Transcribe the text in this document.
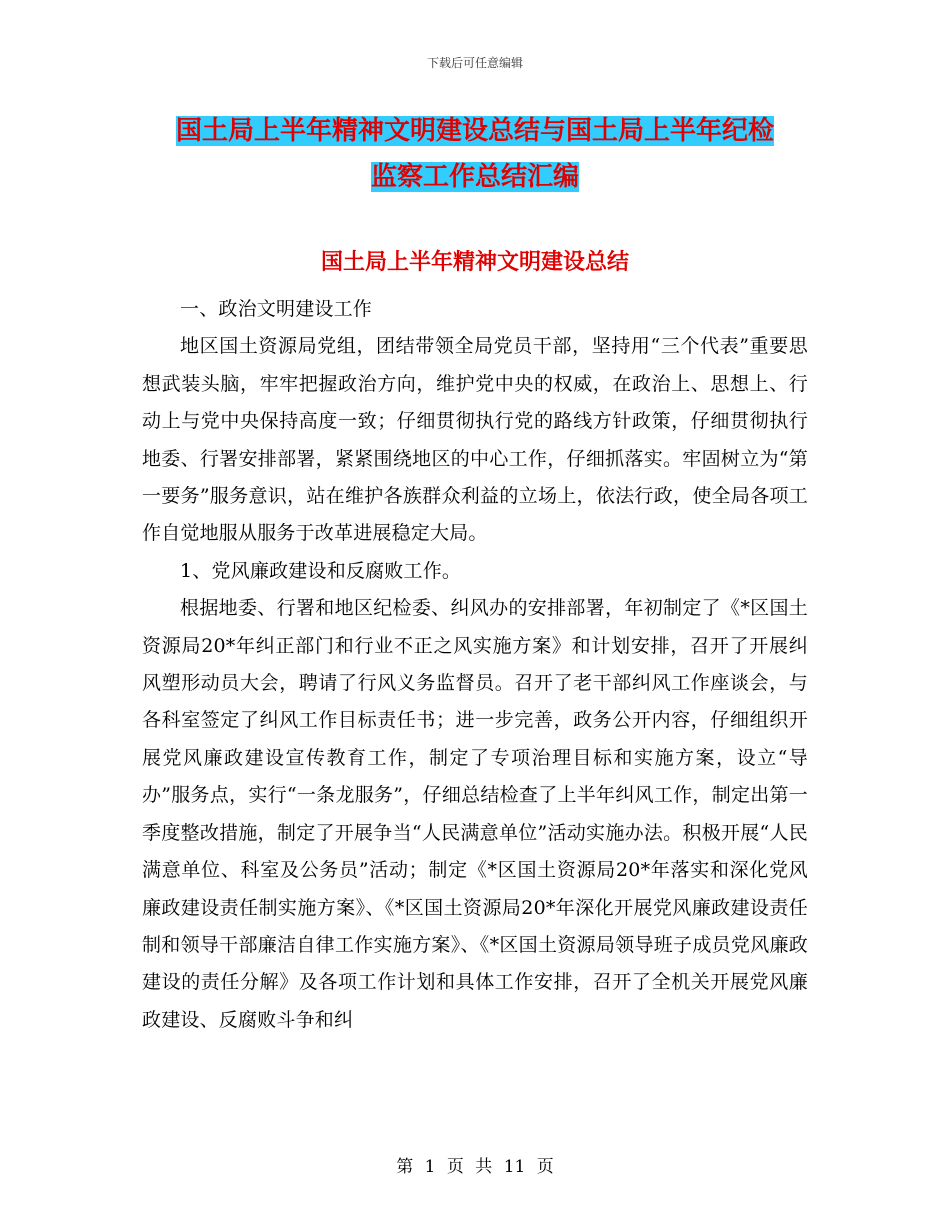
下载后可任意编辑
国土局上半年精神文明建设总结与国土局上半年纪检
监察工作总结汇编
国土局上半年精神文明建设总结

一、政治文明建设工作

地区国土资源局党组，团结带领全局党员干部，坚持用“三个代表”重要思想武装头脑，牢牢把握政治方向，维护党中央的权威，在政治上、思想上、行动上与党中央保持高度一致；仔细贯彻执行党的路线方针政策，仔细贯彻执行地委、行署安排部署，紧紧围绕地区的中心工作，仔细抓落实。牢固树立为“第一要务”服务意识，站在维护各族群众利益的立场上，依法行政，使全局各项工作自觉地服从服务于改革进展稳定大局。

1、党风廉政建设和反腐败工作。

根据地委、行署和地区纪检委、纠风办的安排部署，年初制定了《*区国土资源局20*年纠正部门和行业不正之风实施方案》和计划安排，召开了开展纠风塑形动员大会，聘请了行风义务监督员。召开了老干部纠风工作座谈会，与各科室签定了纠风工作目标责任书；进一步完善，政务公开内容，仔细组织开展党风廉政建设宣传教育工作，制定了专项治理目标和实施方案，设立“导办”服务点，实行“一条龙服务”，仔细总结检查了上半年纠风工作，制定出第一季度整改措施，制定了开展争当“人民满意单位”活动实施办法。积极开展“人民满意单位、科室及公务员”活动；制定《*区国土资源局20*年落实和深化党风廉政建设责任制实施方案》、《*区国土资源局20*年深化开展党风廉政建设责任制和领导干部廉洁自律工作实施方案》、《*区国土资源局领导班子成员党风廉政建设的责任分解》及各项工作计划和具体工作安排，召开了全机关开展党风廉政建设、反腐败斗争和纠

第 1 页 共 11 页
